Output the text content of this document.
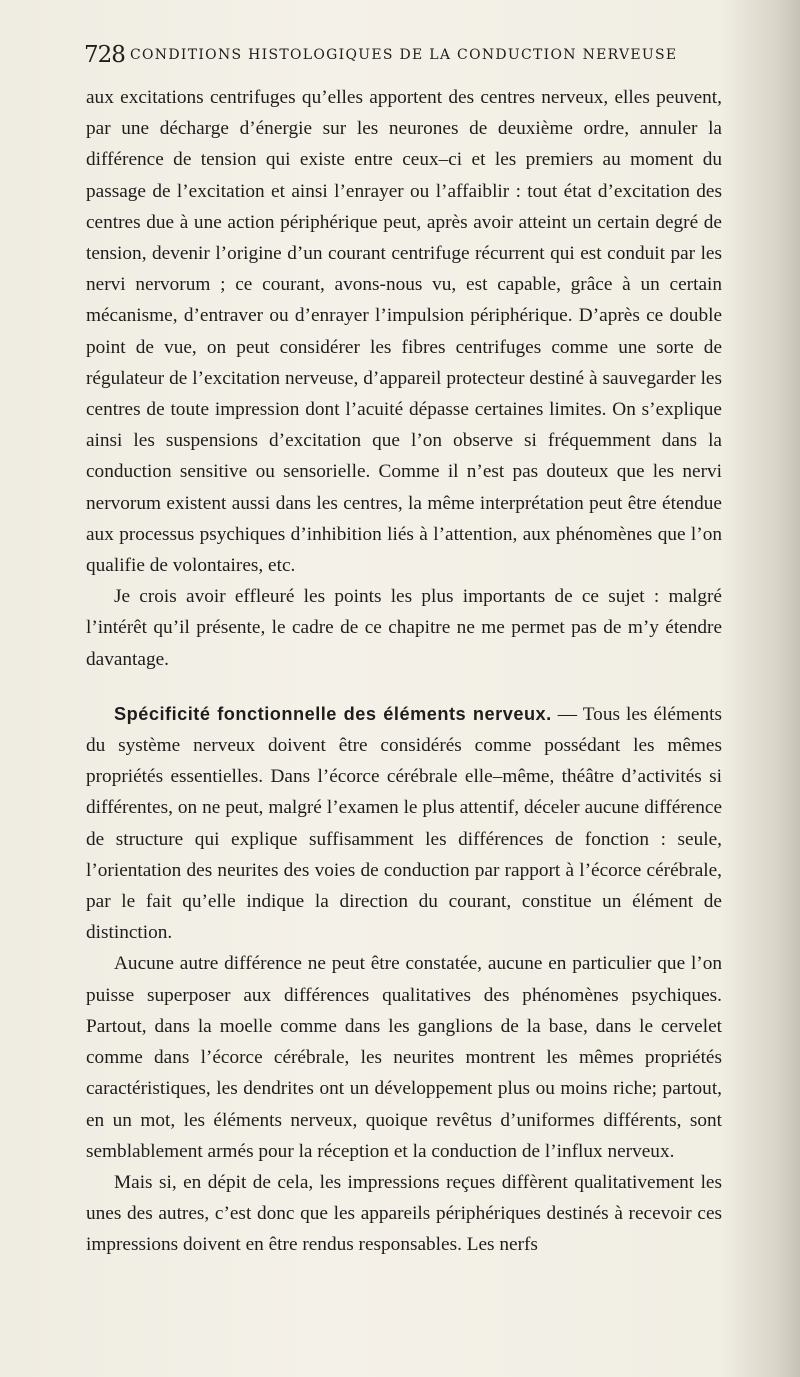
728 CONDITIONS HISTOLOGIQUES DE LA CONDUCTION NERVEUSE

aux excitations centrifuges qu’elles apportent des centres nerveux, elles peuvent, par une décharge d’énergie sur les neurones de deuxième ordre, annuler la différence de tension qui existe entre ceux–ci et les premiers au moment du passage de l’excitation et ainsi l’enrayer ou l’affaiblir : tout état d’excitation des centres due à une action périphérique peut, après avoir atteint un certain degré de tension, devenir l’origine d’un courant centrifuge récurrent qui est conduit par les nervi nervorum ; ce courant, avons-nous vu, est capable, grâce à un certain mécanisme, d’entraver ou d’enrayer l’impulsion périphérique. D’après ce double point de vue, on peut considérer les fibres centrifuges comme une sorte de régulateur de l’excitation nerveuse, d’appareil protecteur destiné à sauvegarder les centres de toute impression dont l’acuité dépasse certaines limites. On s’explique ainsi les suspensions d’excitation que l’on observe si fréquemment dans la conduction sensitive ou sensorielle. Comme il n’est pas douteux que les nervi nervorum existent aussi dans les centres, la même interprétation peut être étendue aux processus psychiques d’inhibition liés à l’attention, aux phénomènes que l’on qualifie de volontaires, etc.

Je crois avoir effleuré les points les plus importants de ce sujet : malgré l’intérêt qu’il présente, le cadre de ce chapitre ne me permet pas de m’y étendre davantage.

Spécificité fonctionnelle des éléments nerveux. — Tous les éléments du système nerveux doivent être considérés comme possédant les mêmes propriétés essentielles. Dans l’écorce cérébrale elle–même, théâtre d’activités si différentes, on ne peut, malgré l’examen le plus attentif, déceler aucune différence de structure qui explique suffisamment les différences de fonction : seule, l’orientation des neurites des voies de conduction par rapport à l’écorce cérébrale, par le fait qu’elle indique la direction du courant, constitue un élément de distinction.

Aucune autre différence ne peut être constatée, aucune en particulier que l’on puisse superposer aux différences qualitatives des phénomènes psychiques. Partout, dans la moelle comme dans les ganglions de la base, dans le cervelet comme dans l’écorce cérébrale, les neurites montrent les mêmes propriétés caractéristiques, les dendrites ont un développement plus ou moins riche; partout, en un mot, les éléments nerveux, quoique revêtus d’uniformes différents, sont semblablement armés pour la réception et la conduction de l’influx nerveux.

Mais si, en dépit de cela, les impressions reçues diffèrent qualitativement les unes des autres, c’est donc que les appareils périphériques destinés à recevoir ces impressions doivent en être rendus responsables. Les nerfs
